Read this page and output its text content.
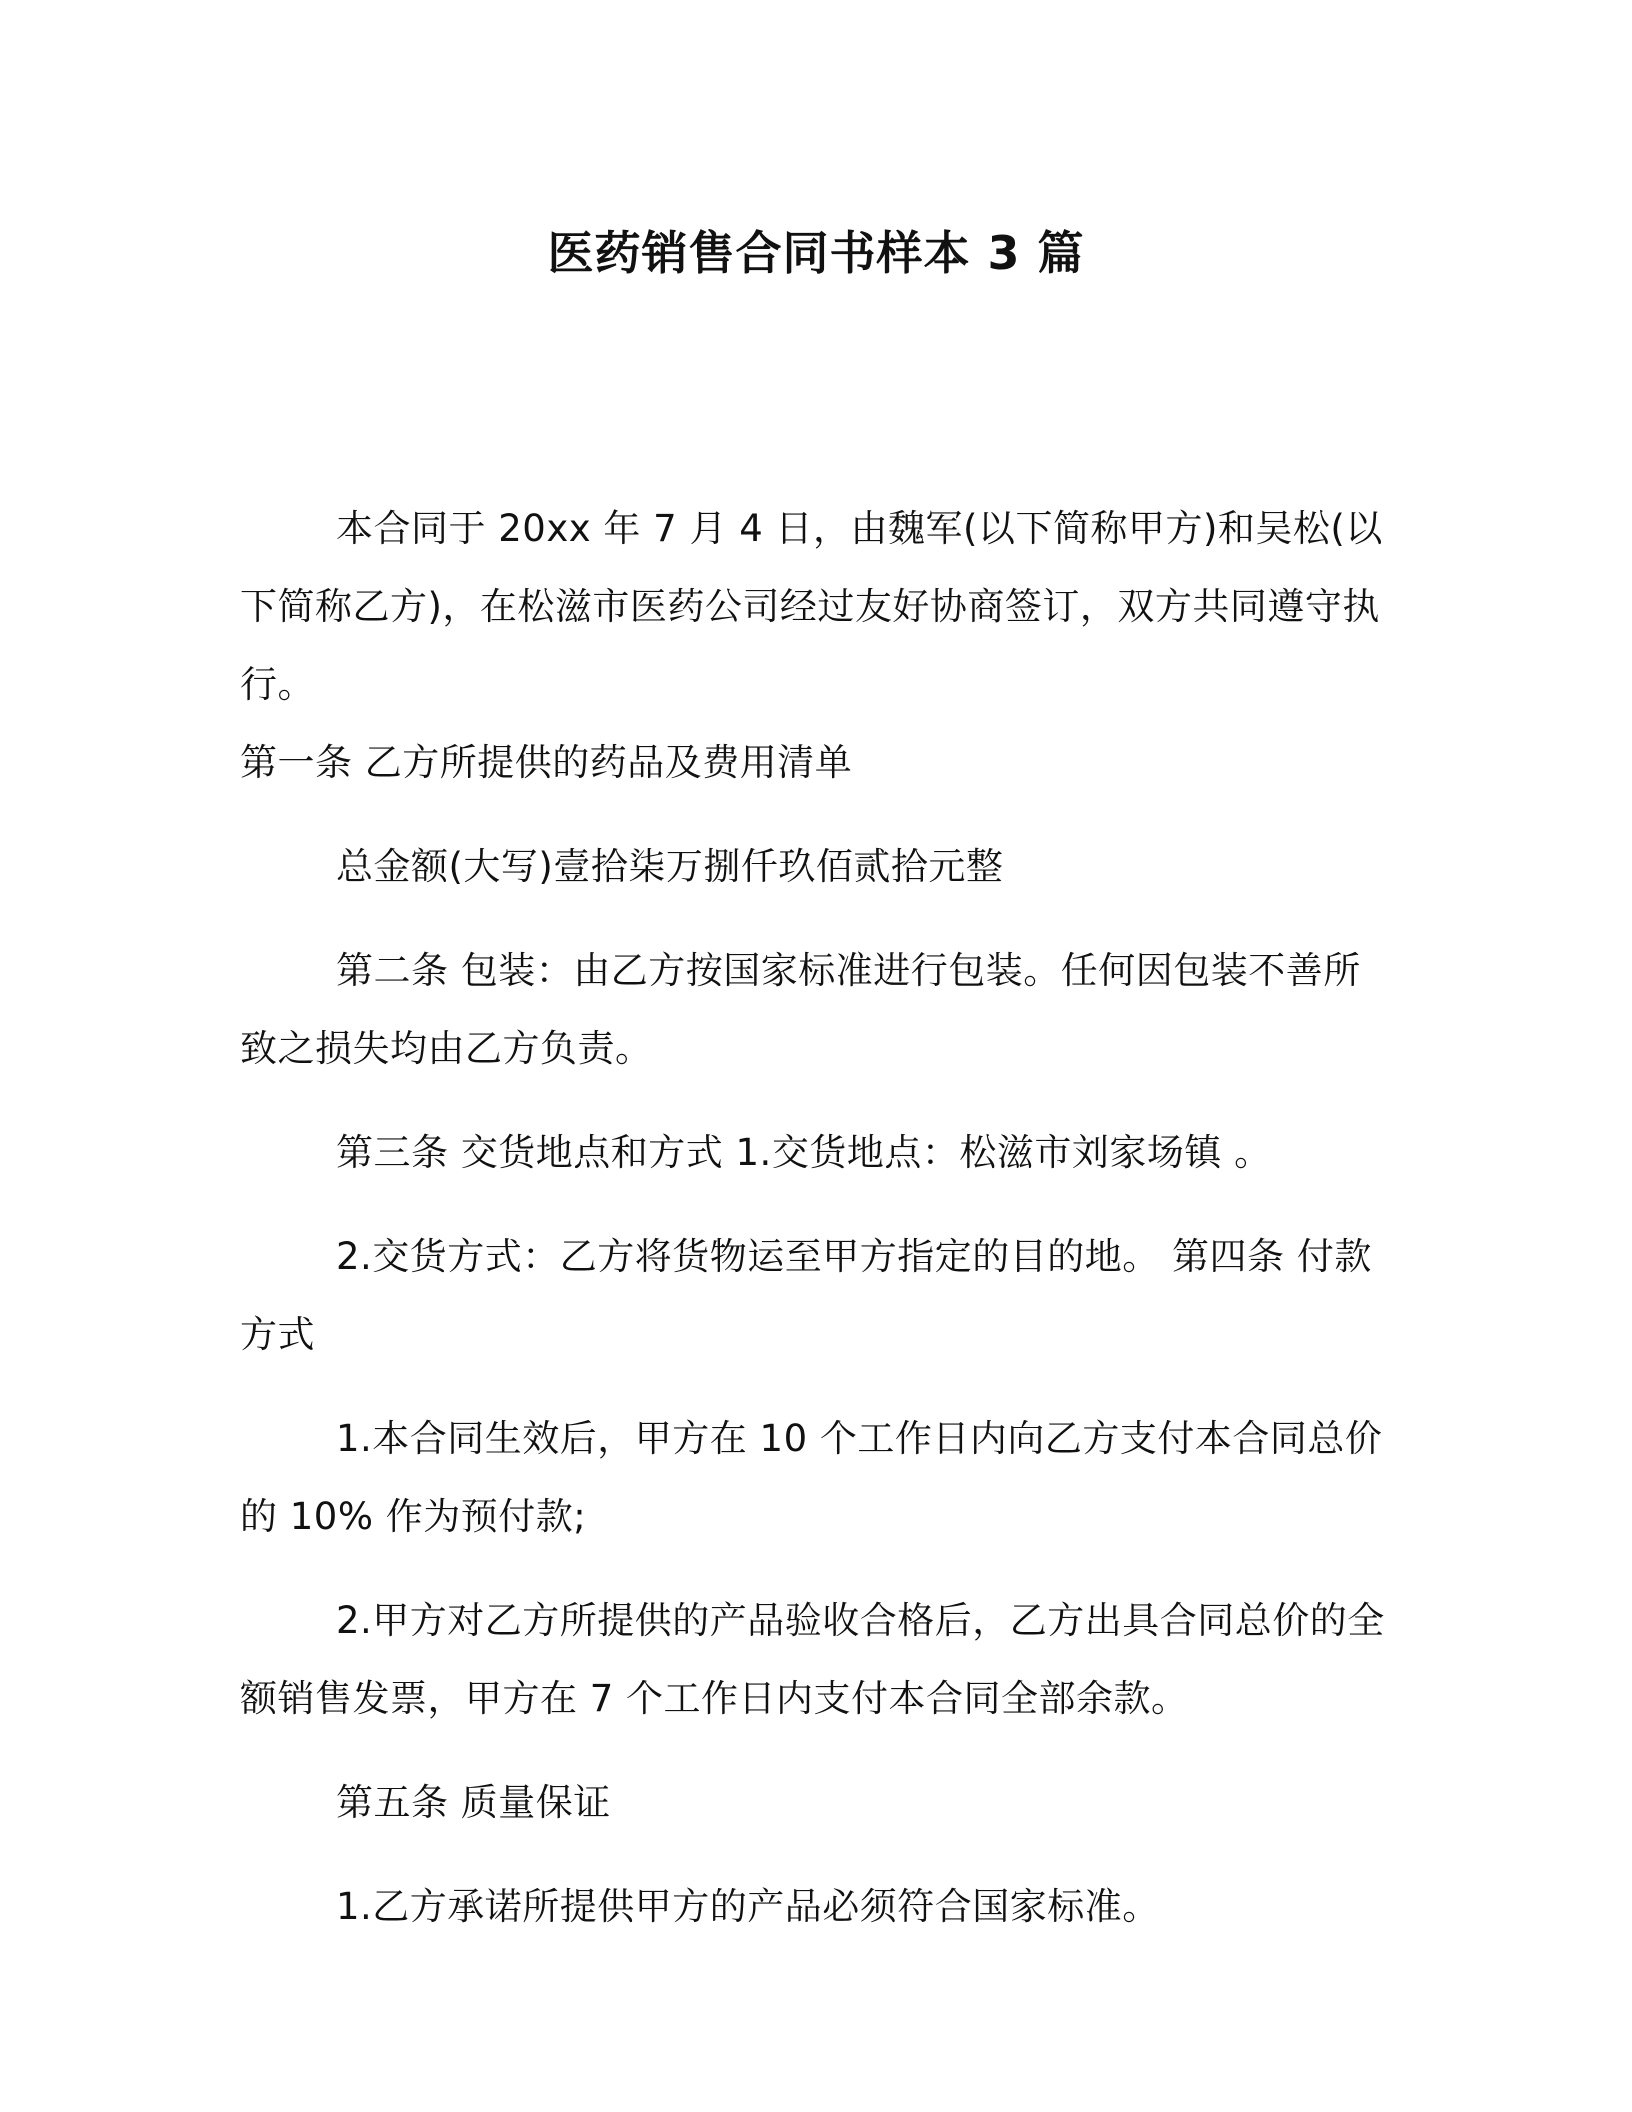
医药销售合同书样本 3 篇

本合同于 20xx 年 7 月 4 日，由魏军(以下简称甲方)和吴松(以下简称乙方)，在松滋市医药公司经过友好协商签订，双方共同遵守执行。

第一条 乙方所提供的药品及费用清单

总金额(大写)壹拾柒万捌仟玖佰贰拾元整

第二条 包装：由乙方按国家标准进行包装。任何因包装不善所致之损失均由乙方负责。

第三条 交货地点和方式 1.交货地点：松滋市刘家场镇 。

2.交货方式：乙方将货物运至甲方指定的目的地。 第四条 付款方式

1.本合同生效后，甲方在 10 个工作日内向乙方支付本合同总价的 10% 作为预付款;

2.甲方对乙方所提供的产品验收合格后，乙方出具合同总价的全额销售发票，甲方在 7 个工作日内支付本合同全部余款。

第五条 质量保证

1.乙方承诺所提供甲方的产品必须符合国家标准。
